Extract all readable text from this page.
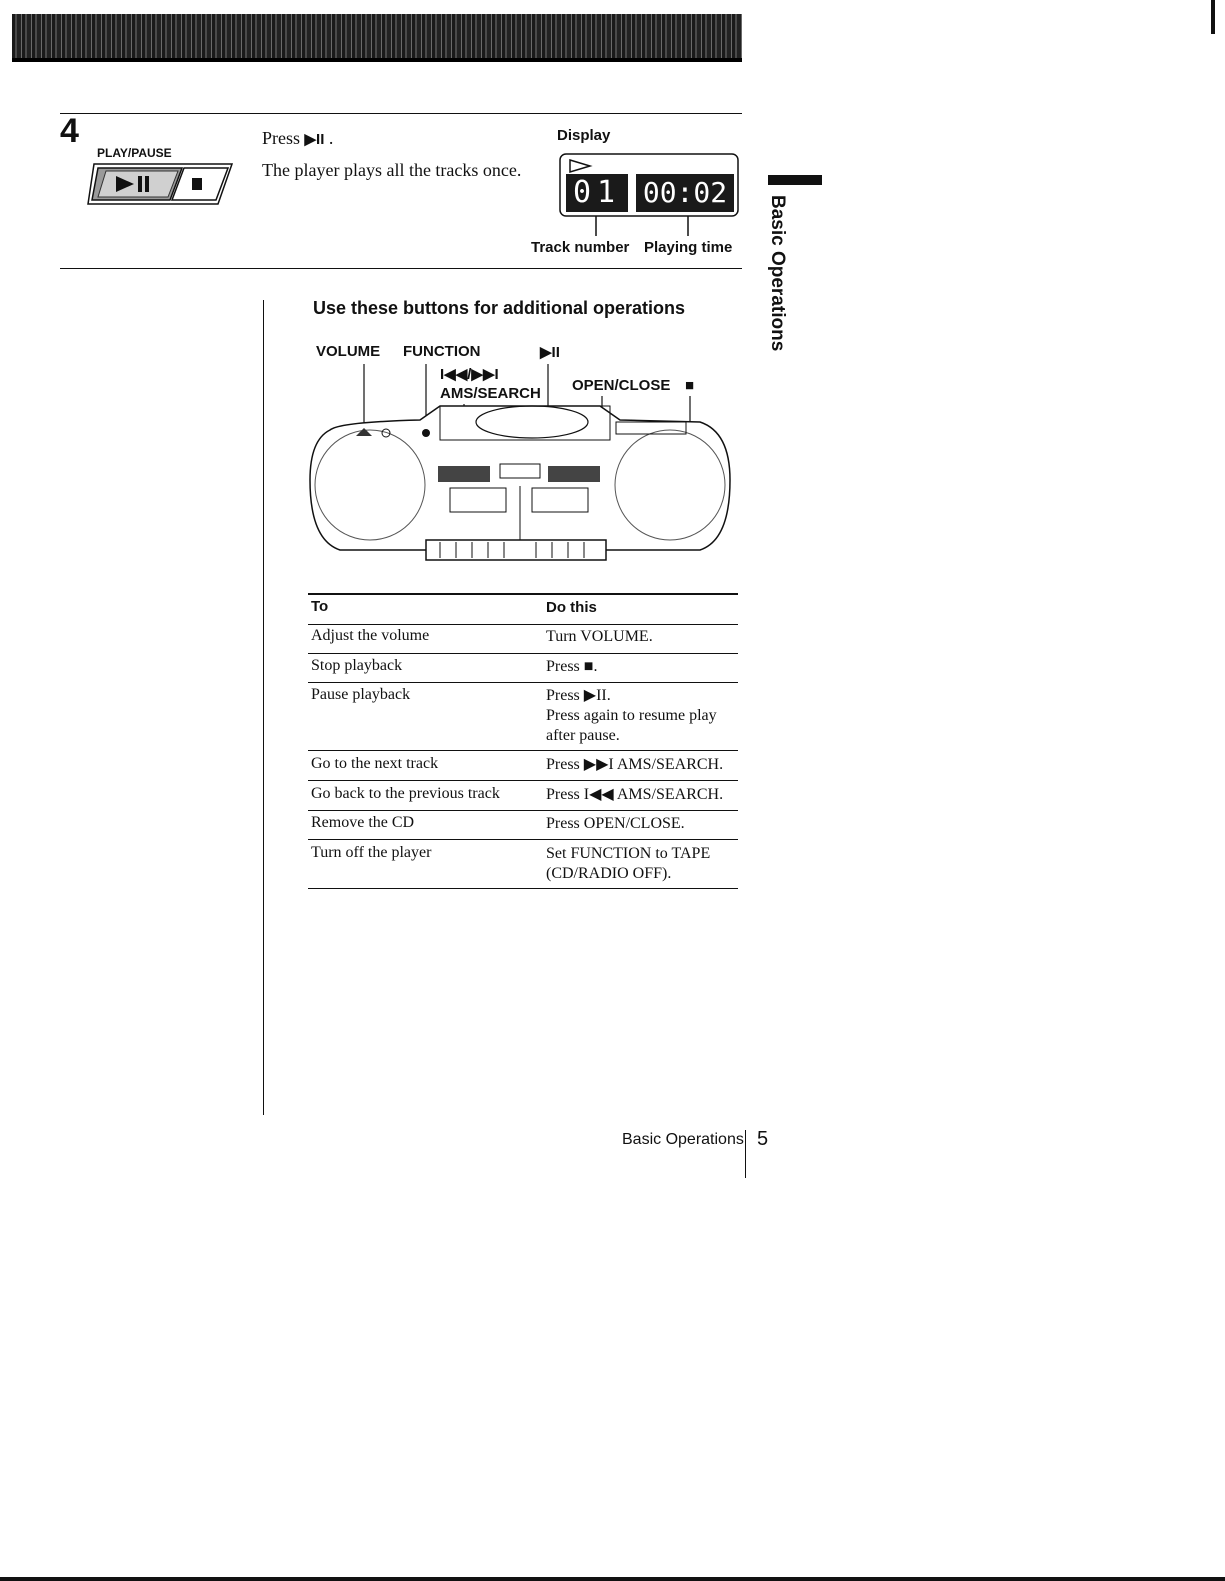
4
PLAY/PAUSE
Press ▶II .
The player plays all the tracks once.
Display
01 00:02
Track number Playing time Basic Operations
Use these buttons for additional operations
VOLUME FUNCTION	▶II
I◀◀/▶▶I
AMS/SEARCH OPEN/CLOSE ■
To	Do this
Adjust the volume	Turn VOLUME.
Stop playback	Press ■.
Pause playback	Press ▶II.
Press again to resume play
after pause.
Go to the next track	Press ▶▶I AMS/SEARCH.
Go back to the previous track	Press I◀◀ AMS/SEARCH.
Remove the CD	Press OPEN/CLOSE.
Turn off the player	Set FUNCTION to TAPE
(CD/RADIO OFF).
Basic Operations 5
